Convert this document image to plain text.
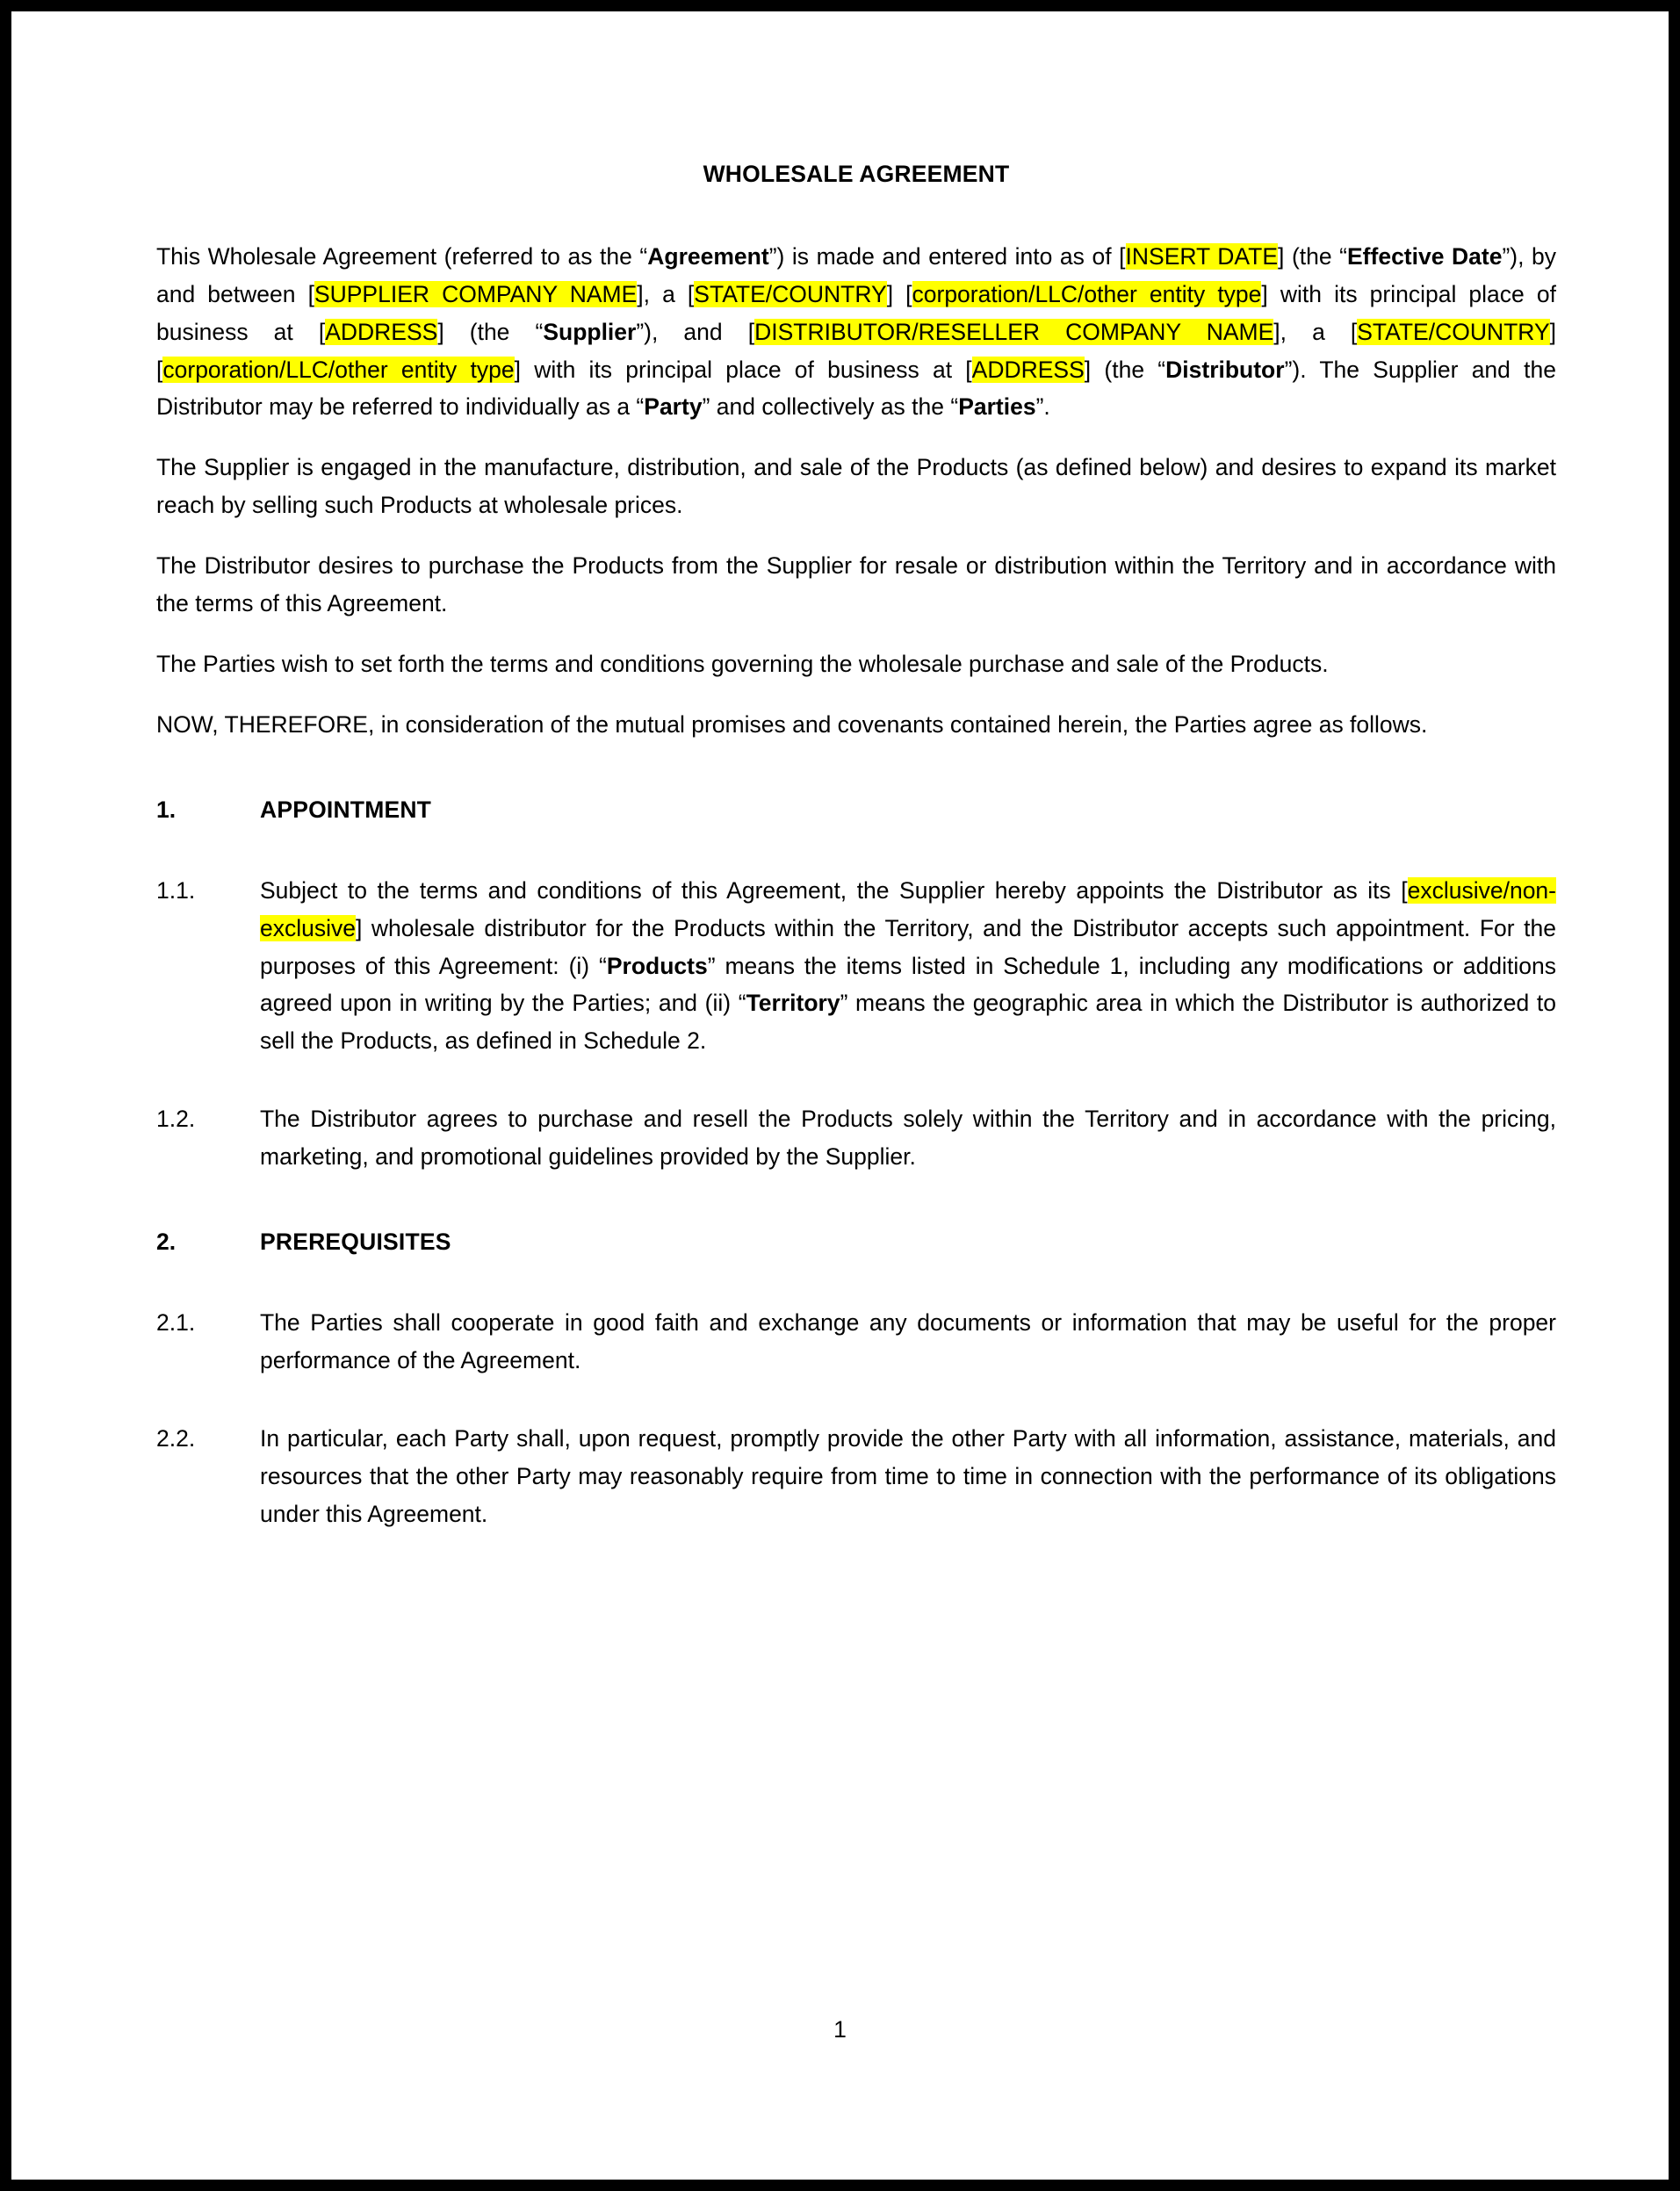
WHOLESALE AGREEMENT

This Wholesale Agreement (referred to as the “Agreement”) is made and entered into as of [INSERT DATE] (the “Effective Date”), by and between [SUPPLIER COMPANY NAME], a [STATE/COUNTRY] [corporation/LLC/other entity type] with its principal place of business at [ADDRESS] (the “Supplier”), and [DISTRIBUTOR/RESELLER COMPANY NAME], a [STATE/COUNTRY] [corporation/LLC/other entity type] with its principal place of business at [ADDRESS] (the “Distributor”). The Supplier and the Distributor may be referred to individually as a “Party” and collectively as the “Parties”.

The Supplier is engaged in the manufacture, distribution, and sale of the Products (as defined below) and desires to expand its market reach by selling such Products at wholesale prices.

The Distributor desires to purchase the Products from the Supplier for resale or distribution within the Territory and in accordance with the terms of this Agreement.

The Parties wish to set forth the terms and conditions governing the wholesale purchase and sale of the Products.

NOW, THEREFORE, in consideration of the mutual promises and covenants contained herein, the Parties agree as follows.

1.	APPOINTMENT
1.1.	Subject to the terms and conditions of this Agreement, the Supplier hereby appoints the Distributor as its [exclusive/non-exclusive] wholesale distributor for the Products within the Territory, and the Distributor accepts such appointment. For the purposes of this Agreement: (i) “Products” means the items listed in Schedule 1, including any modifications or additions agreed upon in writing by the Parties; and (ii) “Territory” means the geographic area in which the Distributor is authorized to sell the Products, as defined in Schedule 2.
1.2.	The Distributor agrees to purchase and resell the Products solely within the Territory and in accordance with the pricing, marketing, and promotional guidelines provided by the Supplier.
2.	PREREQUISITES
2.1.	The Parties shall cooperate in good faith and exchange any documents or information that may be useful for the proper performance of the Agreement.
2.2.	In particular, each Party shall, upon request, promptly provide the other Party with all information, assistance, materials, and resources that the other Party may reasonably require from time to time in connection with the performance of its obligations under this Agreement.
1
